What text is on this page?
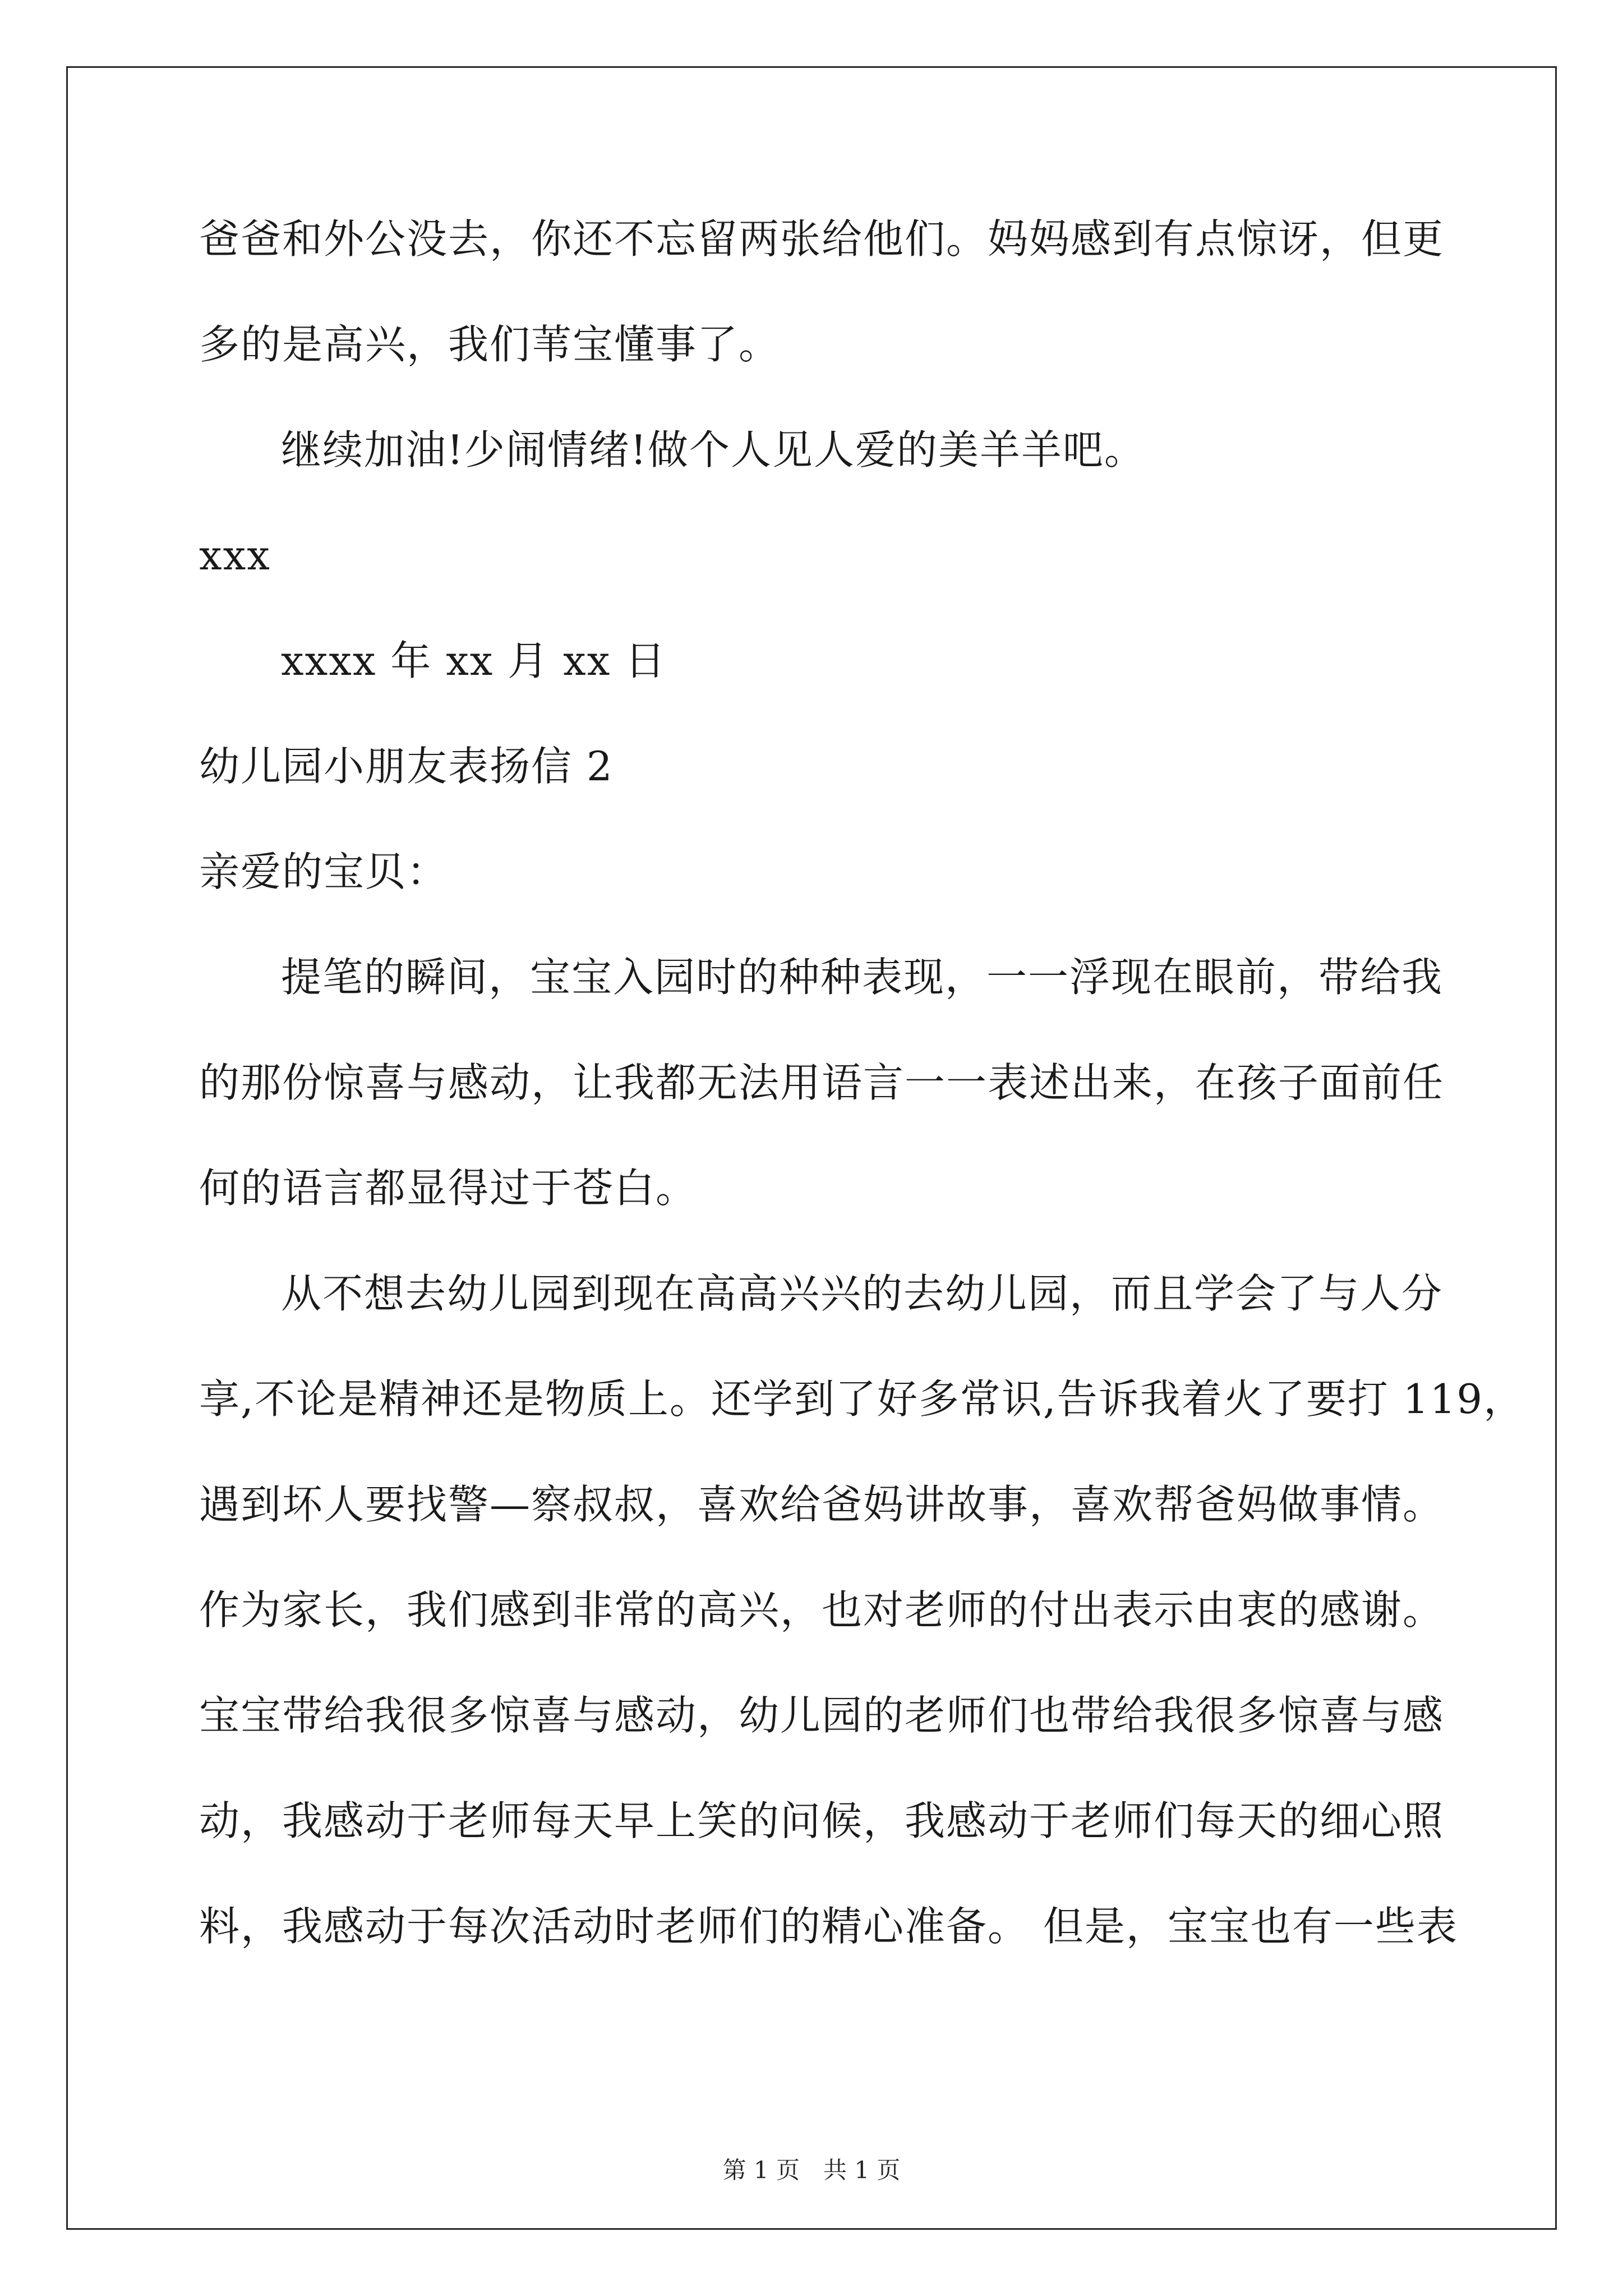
爸爸和外公没去，你还不忘留两张给他们。妈妈感到有点惊讶，但更
多的是高兴，我们苇宝懂事了。
继续加油!少闹情绪!做个人见人爱的美羊羊吧。
xxx
xxxx 年 xx 月 xx 日
幼儿园小朋友表扬信 2
亲爱的宝贝：
提笔的瞬间，宝宝入园时的种种表现，一一浮现在眼前，带给我
的那份惊喜与感动，让我都无法用语言一一表述出来，在孩子面前任
何的语言都显得过于苍白。
从不想去幼儿园到现在高高兴兴的去幼儿园，而且学会了与人分
享,不论是精神还是物质上。还学到了好多常识,告诉我着火了要打 119，
遇到坏人要找警—察叔叔，喜欢给爸妈讲故事，喜欢帮爸妈做事情。
作为家长，我们感到非常的高兴，也对老师的付出表示由衷的感谢。
宝宝带给我很多惊喜与感动，幼儿园的老师们也带给我很多惊喜与感
动，我感动于老师每天早上笑的问候，我感动于老师们每天的细心照
料，我感动于每次活动时老师们的精心准备。 但是，宝宝也有一些表
第 1 页　共 1 页
